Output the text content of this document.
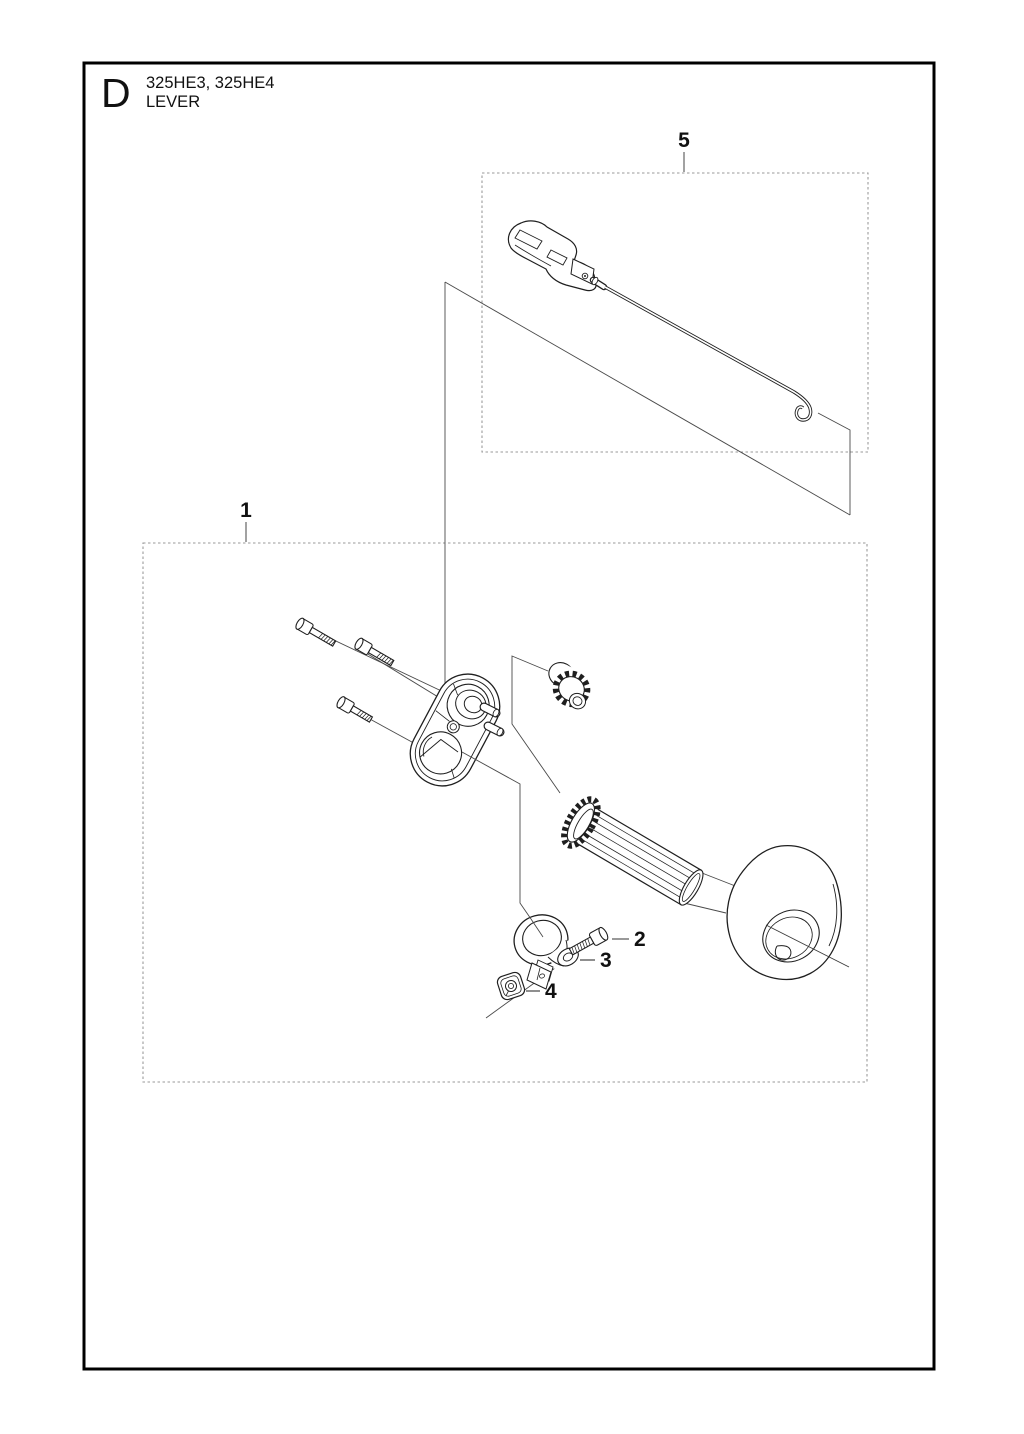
D 325HE3, 325HE4
LEVER
1
5
2
3
4
